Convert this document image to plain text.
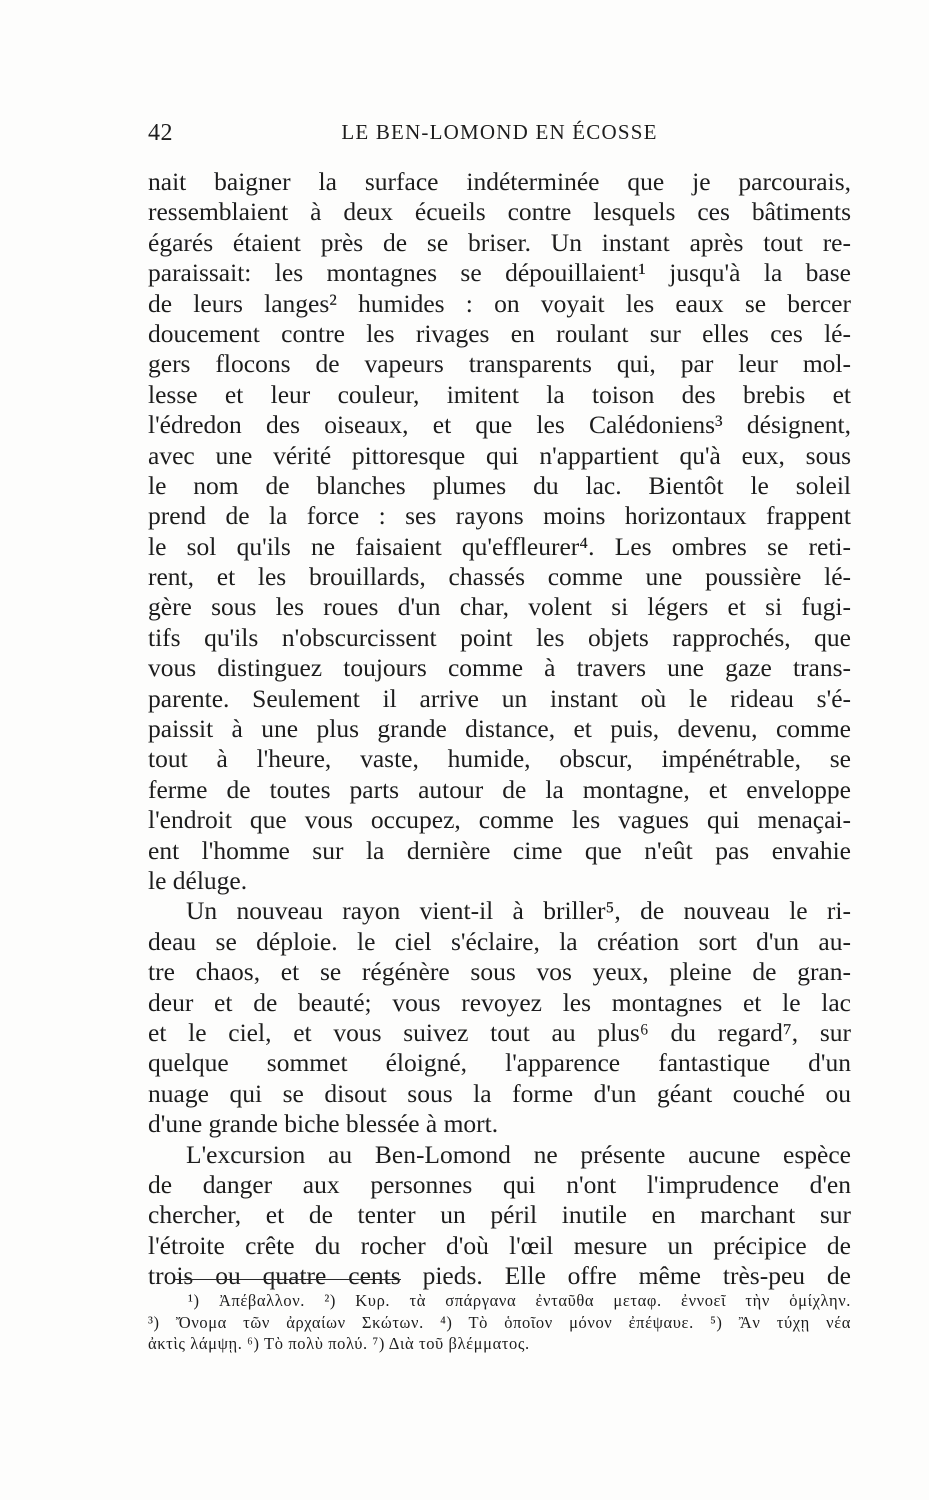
42	LE BEN-LOMOND EN ÉCOSSE
nait baigner la surface indéterminée que je parcourais,
ressemblaient à deux écueils contre lesquels ces bâtiments
égarés étaient près de se briser. Un instant après tout re-
paraissait: les montagnes se dépouillaient¹ jusqu'à la base
de leurs langes² humides : on voyait les eaux se bercer
doucement contre les rivages en roulant sur elles ces lé-
gers flocons de vapeurs transparents qui, par leur mol-
lesse et leur couleur, imitent la toison des brebis et
l'édredon des oiseaux, et que les Calédoniens³ désignent,
avec une vérité pittoresque qui n'appartient qu'à eux, sous
le nom de blanches plumes du lac. Bientôt le soleil
prend de la force : ses rayons moins horizontaux frappent
le sol qu'ils ne faisaient qu'effleurer⁴. Les ombres se reti-
rent, et les brouillards, chassés comme une poussière lé-
gère sous les roues d'un char, volent si légers et si fugi-
tifs qu'ils n'obscurcissent point les objets rapprochés, que
vous distinguez toujours comme à travers une gaze trans-
parente. Seulement il arrive un instant où le rideau s'é-
paissit à une plus grande distance, et puis, devenu, comme
tout à l'heure, vaste, humide, obscur, impénétrable, se
ferme de toutes parts autour de la montagne, et enveloppe
l'endroit que vous occupez, comme les vagues qui menaçai-
ent l'homme sur la dernière cime que n'eût pas envahie
le déluge.
Un nouveau rayon vient-il à briller⁵, de nouveau le ri-
deau se déploie. le ciel s'éclaire, la création sort d'un au-
tre chaos, et se régénère sous vos yeux, pleine de gran-
deur et de beauté; vous revoyez les montagnes et le lac
et le ciel, et vous suivez tout au plus⁶ du regard⁷, sur
quelque sommet éloigné, l'apparence fantastique d'un
nuage qui se disout sous la forme d'un géant couché ou
d'une grande biche blessée à mort.
L'excursion au Ben-Lomond ne présente aucune espèce
de danger aux personnes qui n'ont l'imprudence d'en
chercher, et de tenter un péril inutile en marchant sur
l'étroite crête du rocher d'où l'œil mesure un précipice de
trois ou quatre cents pieds. Elle offre même très-peu de
¹) Ἀπέβαλλον. ²) Κυρ. τὰ σπάργανα ἐνταῦθα μεταφ. ἐννοεῖ τὴν ὁμίχλην.
³) Ὄνομα τῶν ἀρχαίων Σκώτων. ⁴) Τὸ ὁποῖον μόνον ἐπέψαυε. ⁵) Ἂν τύχῃ νέα
ἀκτὶς λάμψῃ. ⁶) Τὸ πολὺ πολύ. ⁷) Διὰ τοῦ βλέμματος.
